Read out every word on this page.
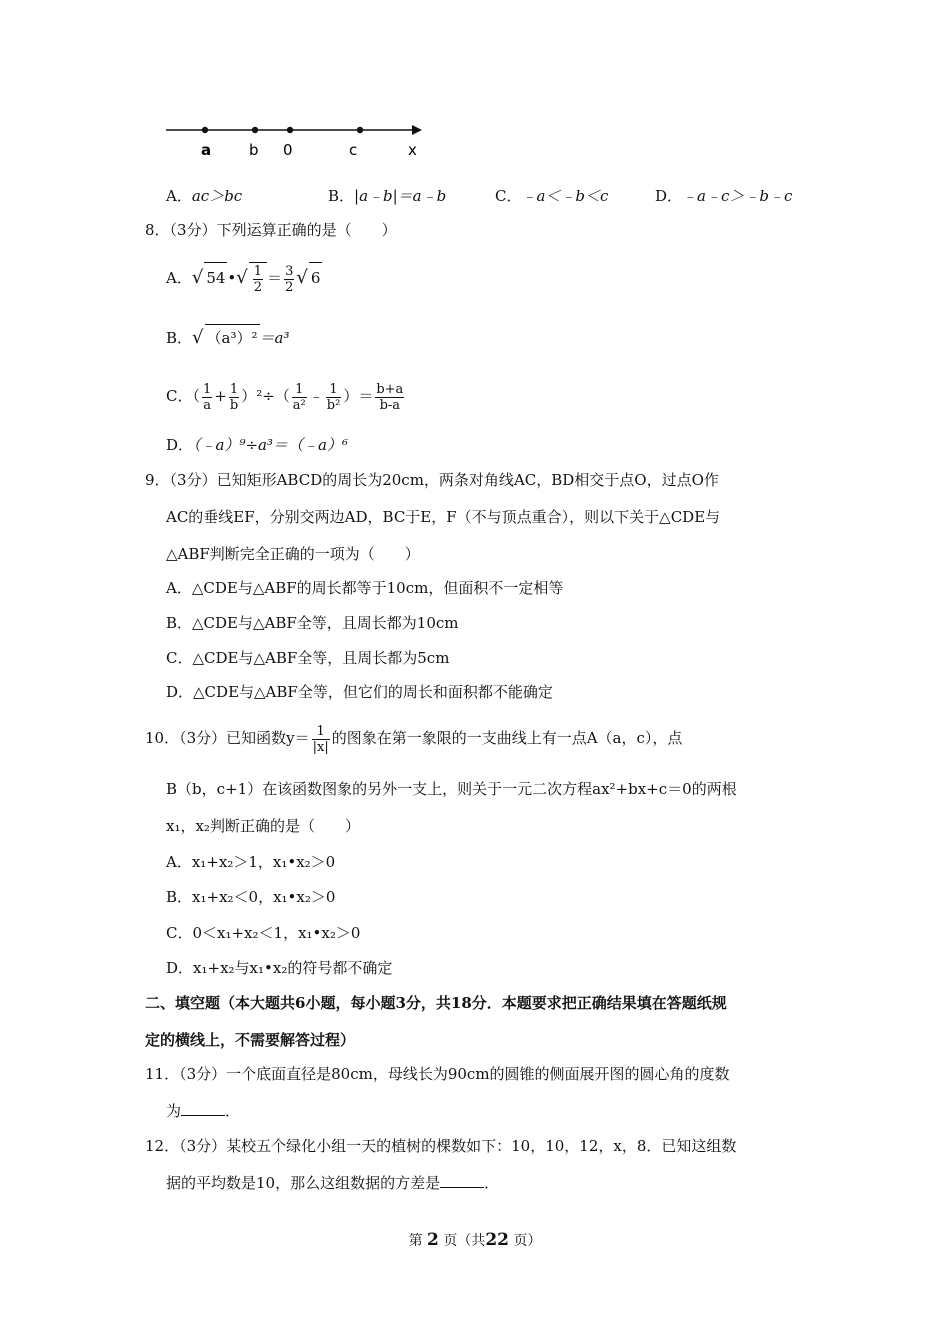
a	b 0	c	x
A．ac＞bc	B．|a﹣b|＝a﹣b	C．﹣a＜﹣b＜c	D．﹣a﹣c＞﹣b﹣c
8．（3分）下列运算正确的是（　　）
A．√ 54 •√ $\frac{1}{2} = \frac{3}{2}$ √ 6
B．√ （a³）² ＝a³
C．（ $\frac{1}{a} + \frac{1}{b} )^2\div( \frac{1}{\text{a²}}$ ﹣ $\frac{1}{\text{b²}}$ ）＝ $\frac{b+a}{b-a}$
D．（﹣a）⁹÷a³＝（﹣a）⁶
9．（3分）已知矩形ABCD的周长为20cm，两条对角线AC，BD相交于点O，过点O作
AC的垂线EF，分别交两边AD，BC于E，F（不与顶点重合），则以下关于△CDE与
△ABF判断完全正确的一项为（　　）
A．△CDE与△ABF的周长都等于10cm，但面积不一定相等
B．△CDE与△ABF全等，且周长都为10cm
C．△CDE与△ABF全等，且周长都为5cm
D．△CDE与△ABF全等，但它们的周长和面积都不能确定
10．（3分）已知函数$y= \frac{1}{|x|}$ 的图象在第一象限的一支曲线上有一点A（a，c），点
B（b，c+1）在该函数图象的另外一支上，则关于一元二次方程ax²+bx+c＝0的两根
x₁，x₂判断正确的是（　　）
A．x₁+x₂＞1，x₁•x₂＞0
B．x₁+x₂＜0，x₁•x₂＞0
C．0＜x₁+x₂＜1，x₁•x₂＞0
D．x₁+x₂与x₁•x₂的符号都不确定
二、填空题（本大题共6小题，每小题3分，共18分．本题要求把正确结果填在答题纸规
定的横线上，不需要解答过程）
11．（3分）一个底面直径是80cm，母线长为90cm的圆锥的侧面展开图的圆心角的度数
为	．
12．（3分）某校五个绿化小组一天的植树的棵数如下：10，10，12，x，8．已知这组数
据的平均数是10，那么这组数据的方差是	．
第 2 页（共22 页）
